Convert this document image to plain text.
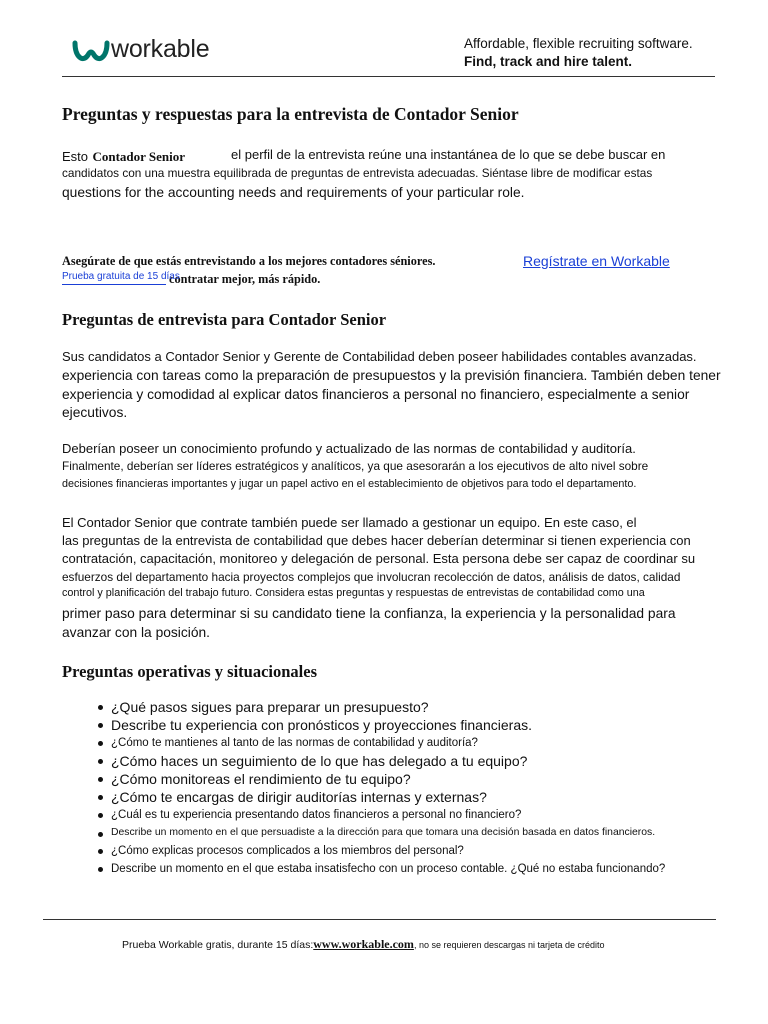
workable	Affordable, flexible recruiting software.
Find, track and hire talent.
Preguntas y respuestas para la entrevista de Contador Senior
Esto Contador Senior	el perfil de la entrevista reúne una instantánea de lo que se debe buscar en
candidatos con una muestra equilibrada de preguntas de entrevista adecuadas. Siéntase libre de modificar estas
questions for the accounting needs and requirements of your particular role.
Asegúrate de que estás entrevistando a los mejores contadores séniores.
contratar mejor, más rápido.
Prueba gratuita de 15 días
Regístrate en Workable
Preguntas de entrevista para Contador Senior
Sus candidatos a Contador Senior y Gerente de Contabilidad deben poseer habilidades contables avanzadas.
experiencia con tareas como la preparación de presupuestos y la previsión financiera. También deben tener
experiencia y comodidad al explicar datos financieros a personal no financiero, especialmente a senior
ejecutivos.
Deberían poseer un conocimiento profundo y actualizado de las normas de contabilidad y auditoría.
Finalmente, deberían ser líderes estratégicos y analíticos, ya que asesorarán a los ejecutivos de alto nivel sobre
decisiones financieras importantes y jugar un papel activo en el establecimiento de objetivos para todo el departamento.
El Contador Senior que contrate también puede ser llamado a gestionar un equipo. En este caso, el
las preguntas de la entrevista de contabilidad que debes hacer deberían determinar si tienen experiencia con
contratación, capacitación, monitoreo y delegación de personal. Esta persona debe ser capaz de coordinar su
esfuerzos del departamento hacia proyectos complejos que involucran recolección de datos, análisis de datos, calidad
control y planificación del trabajo futuro. Considera estas preguntas y respuestas de entrevistas de contabilidad como una
primer paso para determinar si su candidato tiene la confianza, la experiencia y la personalidad para
avanzar con la posición.
Preguntas operativas y situacionales
¿Qué pasos sigues para preparar un presupuesto?
Describe tu experiencia con pronósticos y proyecciones financieras.
¿Cómo te mantienes al tanto de las normas de contabilidad y auditoría?
¿Cómo haces un seguimiento de lo que has delegado a tu equipo?
¿Cómo monitoreas el rendimiento de tu equipo?
¿Cómo te encargas de dirigir auditorías internas y externas?
¿Cuál es tu experiencia presentando datos financieros a personal no financiero?
Describe un momento en el que persuadiste a la dirección para que tomara una decisión basada en datos financieros.
¿Cómo explicas procesos complicados a los miembros del personal?
Describe un momento en el que estaba insatisfecho con un proceso contable. ¿Qué no estaba funcionando?
Prueba Workable gratis, durante 15 días:www.workable.com, no se requieren descargas ni tarjeta de crédito
